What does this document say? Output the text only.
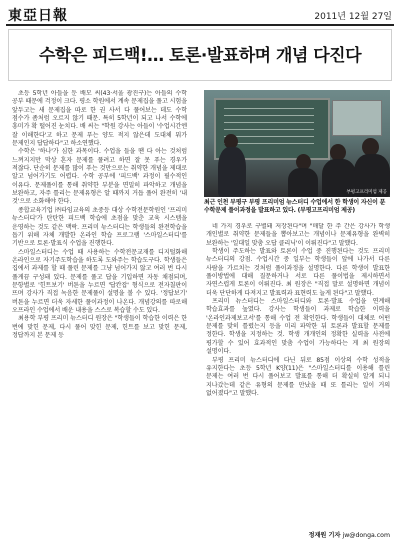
東亞日報	2011년 12월 27일
수학은 피드백!… 토론·발표하며 개념 다진다

초등 5학년 아들을 둔 배모 씨(43·서울 광진구)는 아들의 수학 공부 때문에 걱정이 크다. 평소 학원에서 계속 문제집을 풀고 시험을 앞두고는 새 문제집을 따로 한 권 사서 다 풀어보는 데도 수학 점수가 좀처럼 오르지 않기 때문. 특히 5학년이 되고 나서 수학에 흥미가 확 떨어진 눈치다. 배 씨는 "학원 강사는 아들이 '수업시간엔 잘 이해한다'고 하고 문제 푸는 양도 적지 않은데 도대체 뭐가 문제인지 답답하다"고 하소연했다.

수학은 '하나'가 심한 과목이다. 수업을 들을 땐 다 아는 것처럼 느껴지지만 막상 혼자 문제를 풀려고 하면 잘 못 푸는 경우가 적잖다. 단순히 문제를 많이 푸는 것만으로는 취약한 개념을 제대로 알고 넘어가기도 어렵다. 수학 공부에 '피드백' 과정이 필수적인 이유다. 문제풀이를 통해 취약한 부분을 면밀히 파악하고 개념을 보완하고, 자주 틀리는 문제유형은 알 때까지 거듭 풀어 완전히 '내 것'으로 소화해야 한다.

종합교육기업 ㈜타임교육의 초중등 대상 수학전문학원인 '프리미 뉴스터디'가 탄탄한 피드백 학습에 초점을 맞춘 교육 시스템을 운영하는 것도 같은 맥락. 프리미 뉴스터디는 학생들의 완전학습을 돕기 위해 자체 개발한 온라인 학습 프로그램 '스마일스터디'를 기반으로 토론·발표식 수업을 진행한다.

스마일스터디는 수업 때 사용하는 수학전문교재를 디지털화해 온라인으로 자기주도학습을 하도록 도와주는 학습도구다. 학생들은 집에서 과제를 할 때 풀린 문제를 그냥 넘어가지 않고 여러 번 다시 풀게끔 구성돼 있다. 문제를 풀고 답을 기입하면 자동 채점되며, 문항별로 '힌트보기' 버튼을 누르면 '답칸잡' 형식으로 전자칠판이 뜨며 강사가 직접 녹음한 문제풀이 설명을 볼 수 있다. '정답보기' 버튼을 누르면 더욱 자세한 풀이과정이 나온다. 개념강의를 따로해 오프라인 수업에서 배운 내용을 스스로 복습할 수도 있다.

최용학 부평 프리미 뉴스터디 원장은 "학생들이 학습한 이력은 한 번에 맞힌 문제, 다시 풀어 맞힌 문제, 힌트를 보고 맞힌 문제, 정답까지 본 문제 등

부평고프리미엄 제공
최근 인천 부평구 부평 프리미엄 뉴스터디 수업에서 한 학생이 자신이 푼 수학문제 풀이과정을 발표하고 있다. (부평고프리미엄 제공)

네 가지 경우로 구별돼 저장된다"며 "매달 한 주 간은 강사가 학생 개인별로 취약한 문제들을 뽑아보고는 개념이나 문제유형을 완벽히 보완하는 '일대일 맞춤 오답 클리닉'이 이뤄진다"고 말했다.

학생이 주도하는 발표와 토론이 수업 중 진행된다는 것도 프리미 뉴스터디의 강점. 수업시간 중 일부는 학생들이 앞에 나가서 다른 사람을 가르치는 것처럼 풀이과정을 설명한다. 다른 학생이 발표한 풀이방법에 대해 질문하거나 서로 다른 풀이법을 제시하면서 자연스럽게 토론이 이뤄진다. 최 원장은 "직접 말로 설명하면 개념이 더욱 단단하게 다져지고 발표력과 표현력도 늘게 된다"고 말했다.

프리미 뉴스터디는 스마일스터디와 토론·발표 수업을 연계해 학습효과를 높였다. 강사는 학생들이 과제로 학습한 이력을 '온라인과제보고서'를 통해 수업 전 확인한다. 학생들이 대체로 어떤 문제를 맞히 틀렸는지 등을 미리 파악한 뒤 토론과 발표할 문제를 정한다. 학생을 지정하는 것. 학생 개개인의 정확한 실력을 사전에 평가할 수 있어 효과적인 맞춤 수업이 가능하다는 게 최 원장의 설명이다.

부평 프리미 뉴스터디에 다닌 뒤로 85점 이상의 수학 성적을 유지한다는 초등 5학년 K양(11)은 "스마일스터디를 이용해 틀린 문제는 여러 번 다시 풀어보고 발표를 통해 더 확실히 알게 되니 지나갔는데 같은 유형의 문제를 만났을 때 또 틀리는 일이 거의 없어졌다"고 말했다.

정재원 기자 jw@donga.com
